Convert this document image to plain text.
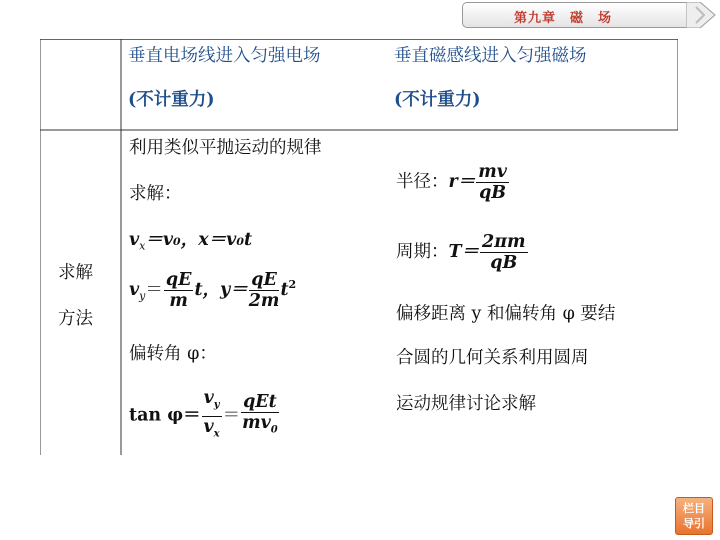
第九章　磁　场
垂直电场线进入匀强电场
(不计重力)
垂直磁感线进入匀强磁场
(不计重力)
求解
方法
利用类似平抛运动的规律
求解：
$v_x=v_0$，x＝v₀t
$v_y= \frac{qE}{m}$ t，$y= \frac{qE}{2m} t^2$
偏转角 φ：
$\tan \varphi= \frac{v_y}{v_x} = \frac{\text{qEt}}{mv_0}$
半径：$r= \frac{mv}{qB}$
周期：$T= \frac{2\pi m}{qB}$
偏移距离 y 和偏转角 φ 要结
合圆的几何关系利用圆周
运动规律讨论求解
栏目
导引
